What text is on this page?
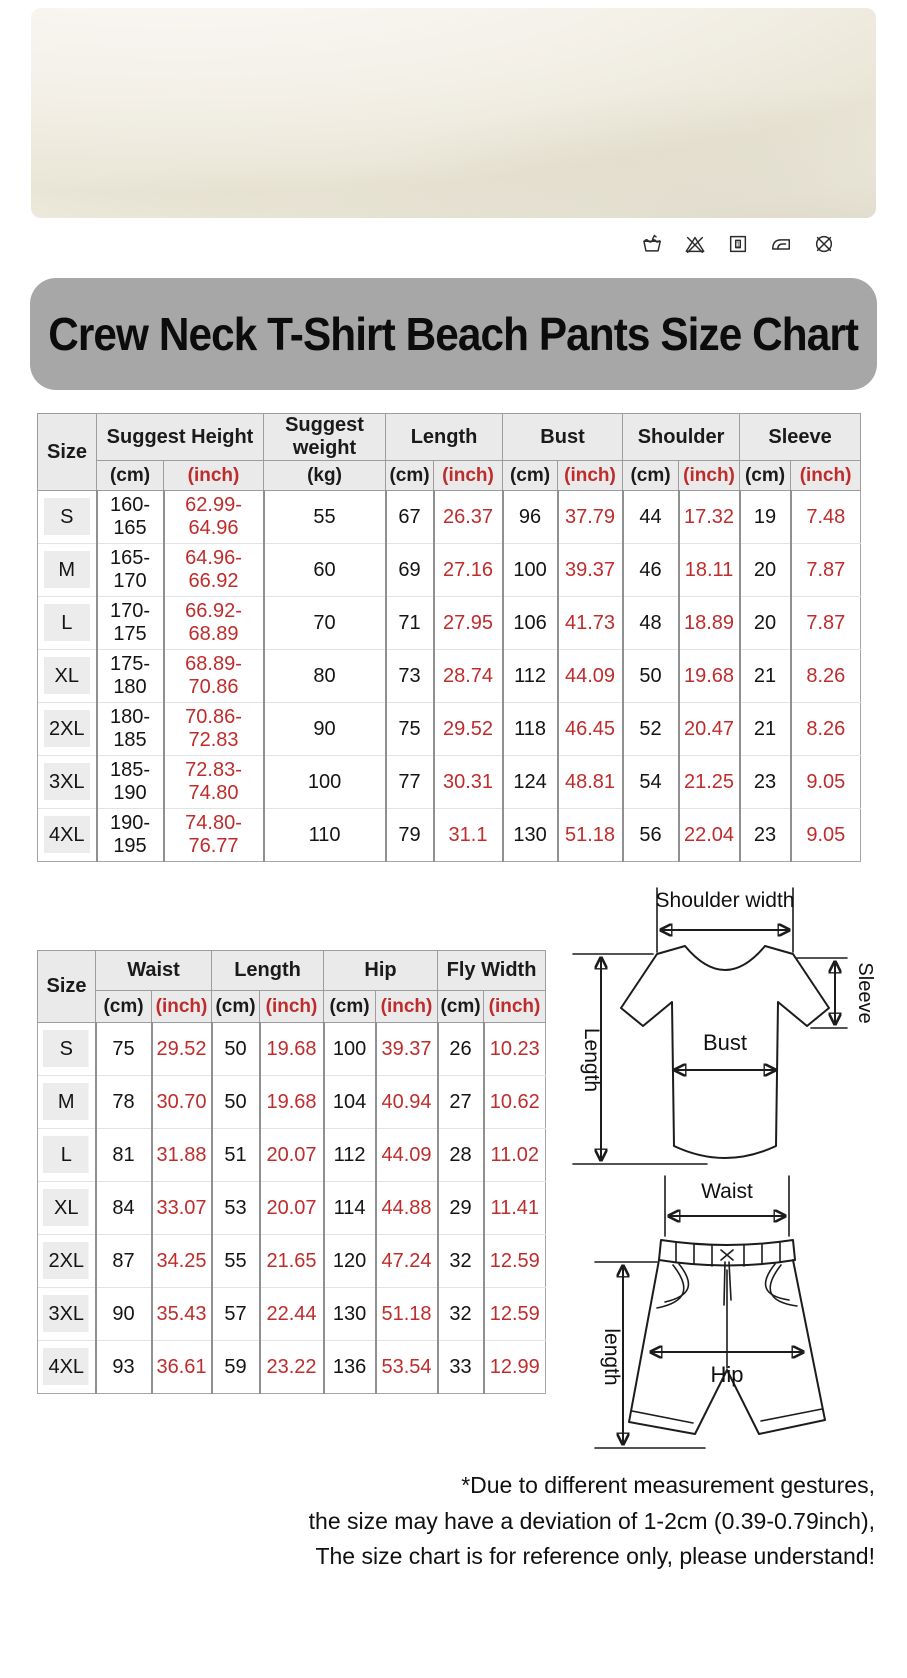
1
Crew Neck T-Shirt Beach Pants Size Chart
Size	Suggest Height		Suggest weight	Length		Bust		Shoulder		Sleeve	
	(cm)	(inch)	(kg)	(cm)	(inch)	(cm)	(inch)	(cm)	(inch)	(cm)	(inch)
S	160-165	62.99-64.96	55	67	26.37	96	37.79	44	17.32	19	7.48
M	165-170	64.96-66.92	60	69	27.16	100	39.37	46	18.11	20	7.87
L	170-175	66.92-68.89	70	71	27.95	106	41.73	48	18.89	20	7.87
XL	175-180	68.89-70.86	80	73	28.74	112	44.09	50	19.68	21	8.26
2XL	180-185	70.86-72.83	90	75	29.52	118	46.45	52	20.47	21	8.26
3XL	185-190	72.83-74.80	100	77	30.31	124	48.81	54	21.25	23	9.05
4XL	190-195	74.80-76.77	110	79	31.1	130	51.18	56	22.04	23	9.05
Size	Waist		Length		Hip		Fly Width	
	(cm)	(inch)	(cm)	(inch)	(cm)	(inch)	(cm)	(inch)
S	75	29.52	50	19.68	100	39.37	26	10.23
M	78	30.70	50	19.68	104	40.94	27	10.62
L	81	31.88	51	20.07	112	44.09	28	11.02
XL	84	33.07	53	20.07	114	44.88	29	11.41
2XL	87	34.25	55	21.65	120	47.24	32	12.59
3XL	90	35.43	57	22.44	130	51.18	32	12.59
4XL	93	36.61	59	23.22	136	53.54	33	12.99
Shoulder width
Length
Sleeve
Bust
Waist
length	Hip
*Due to different measurement gestures,
the size may have a deviation of 1-2cm (0.39-0.79inch),
The size chart is for reference only, please understand!
